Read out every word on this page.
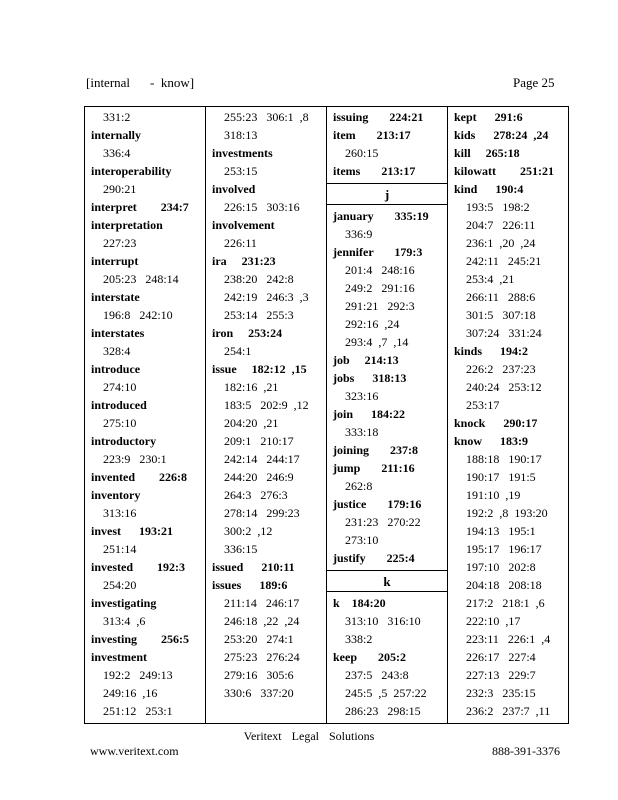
[internal - know]	Page 25
331:2
internally
336:4
interoperability
290:21
interpret        234:7
interpretation
227:23
interrupt
205:23   248:14
interstate
196:8   242:10
interstates
328:4
introduce
274:10
introduced
275:10
introductory
223:9   230:1
invented        226:8
inventory
313:16
invest      193:21
251:14
invested        192:3
254:20
investigating
313:4  ,6
investing        256:5
investment
192:2   249:13
249:16  ,16
251:12   253:1
255:23   306:1  ,8
318:13
investments
253:15
involved
226:15   303:16
involvement
226:11
ira     231:23
238:20   242:8
242:19   246:3  ,3
253:14   255:3
iron     253:24
254:1
issue     182:12  ,15
182:16  ,21
183:5   202:9  ,12
204:20  ,21
209:1   210:17
242:14   244:17
244:20   246:9
264:3   276:3
278:14   299:23
300:2  ,12
336:15
issued      210:11
issues      189:6
211:14   246:17
246:18  ,22  ,24
253:20   274:1
275:23   276:24
279:16   305:6
330:6   337:20
issuing       224:21
item       213:17
260:15
items       213:17
j
january       335:19
336:9
jennifer       179:3
201:4   248:16
249:2   291:16
291:21   292:3
292:16  ,24
293:4  ,7  ,14
job     214:13
jobs      318:13
323:16
join      184:22
333:18
joining       237:8
jump       211:16
262:8
justice       179:16
231:23   270:22
273:10
justify       225:4
k
k    184:20
313:10   316:10
338:2
keep       205:2
237:5   243:8
245:5  ,5  257:22
286:23   298:15
kept      291:6
kids      278:24  ,24
kill     265:18
kilowatt        251:21
kind      190:4
193:5   198:2
204:7   226:11
236:1  ,20  ,24
242:11   245:21
253:4  ,21
266:11   288:6
301:5   307:18
307:24   331:24
kinds      194:2
226:2   237:23
240:24   253:12
253:17
knock      290:17
know      183:9
188:18   190:17
190:17   191:5
191:10  ,19
192:2  ,8  193:20
194:13   195:1
195:17   196:17
197:10   202:8
204:18   208:18
217:2   218:1  ,6
222:10  ,17
223:11   226:1  ,4
226:17   227:4
227:13   229:7
232:3   235:15
236:2   237:7  ,11
Veritext Legal Solutions
www.veritext.com	888-391-3376
